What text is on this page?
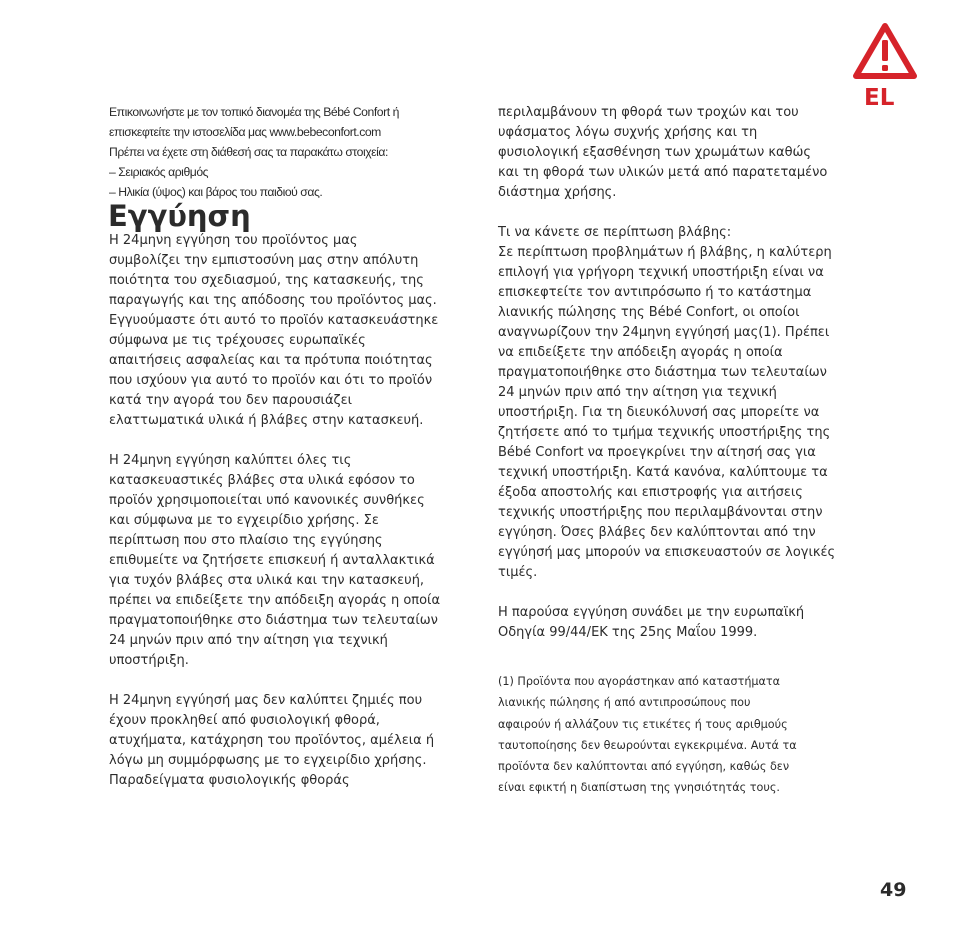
EL
Επικοινωνήστε με τον τοπικό διανομέα της Bébé Confort ή
επισκεφτείτε την ιστοσελίδα μας www.bebeconfort.com
Πρέπει να έχετε στη διάθεσή σας τα παρακάτω στοιχεία:
– Σειριακός αριθμός
– Ηλικία (ύψος) και βάρος του παιδιού σας.
Εγγύηση
Η 24μηνη εγγύηση του προϊόντος μας
συμβολίζει την εμπιστοσύνη μας στην απόλυτη
ποιότητα του σχεδιασμού, της κατασκευής, της
παραγωγής και της απόδοσης του προϊόντος μας.
Εγγυούμαστε ότι αυτό το προϊόν κατασκευάστηκε
σύμφωνα με τις τρέχουσες ευρωπαϊκές
απαιτήσεις ασφαλείας και τα πρότυπα ποιότητας
που ισχύουν για αυτό το προϊόν και ότι το προϊόν
κατά την αγορά του δεν παρουσιάζει
ελαττωματικά υλικά ή βλάβες στην κατασκευή.
Η 24μηνη εγγύηση καλύπτει όλες τις
κατασκευαστικές βλάβες στα υλικά εφόσον το
προϊόν χρησιμοποιείται υπό κανονικές συνθήκες
και σύμφωνα με το εγχειρίδιο χρήσης. Σε
περίπτωση που στο πλαίσιο της εγγύησης
επιθυμείτε να ζητήσετε επισκευή ή ανταλλακτικά
για τυχόν βλάβες στα υλικά και την κατασκευή,
πρέπει να επιδείξετε την απόδειξη αγοράς η οποία
πραγματοποιήθηκε στο διάστημα των τελευταίων
24 μηνών πριν από την αίτηση για τεχνική
υποστήριξη.
Η 24μηνη εγγύησή μας δεν καλύπτει ζημιές που
έχουν προκληθεί από φυσιολογική φθορά,
ατυχήματα, κατάχρηση του προϊόντος, αμέλεια ή
λόγω μη συμμόρφωσης με το εγχειρίδιο χρήσης.
Παραδείγματα φυσιολογικής φθοράς
περιλαμβάνουν τη φθορά των τροχών και του
υφάσματος λόγω συχνής χρήσης και τη
φυσιολογική εξασθένηση των χρωμάτων καθώς
και τη φθορά των υλικών μετά από παρατεταμένο
διάστημα χρήσης.
Τι να κάνετε σε περίπτωση βλάβης:
Σε περίπτωση προβλημάτων ή βλάβης, η καλύτερη
επιλογή για γρήγορη τεχνική υποστήριξη είναι να
επισκεφτείτε τον αντιπρόσωπο ή το κατάστημα
λιανικής πώλησης της Bébé Confort, οι οποίοι
αναγνωρίζουν την 24μηνη εγγύησή μας(1). Πρέπει
να επιδείξετε την απόδειξη αγοράς η οποία
πραγματοποιήθηκε στο διάστημα των τελευταίων
24 μηνών πριν από την αίτηση για τεχνική
υποστήριξη. Για τη διευκόλυνσή σας μπορείτε να
ζητήσετε από το τμήμα τεχνικής υποστήριξης της
Bébé Confort να προεγκρίνει την αίτησή σας για
τεχνική υποστήριξη. Κατά κανόνα, καλύπτουμε τα
έξοδα αποστολής και επιστροφής για αιτήσεις
τεχνικής υποστήριξης που περιλαμβάνονται στην
εγγύηση. Όσες βλάβες δεν καλύπτονται από την
εγγύησή μας μπορούν να επισκευαστούν σε λογικές
τιμές.
Η παρούσα εγγύηση συνάδει με την ευρωπαϊκή
Οδηγία 99/44/ΕΚ της 25ης Μαΐου 1999.
(1) Προϊόντα που αγοράστηκαν από καταστήματα
λιανικής πώλησης ή από αντιπροσώπους που
αφαιρούν ή αλλάζουν τις ετικέτες ή τους αριθμούς
ταυτοποίησης δεν θεωρούνται εγκεκριμένα. Αυτά τα
προϊόντα δεν καλύπτονται από εγγύηση, καθώς δεν
είναι εφικτή η διαπίστωση της γνησιότητάς τους.
49
